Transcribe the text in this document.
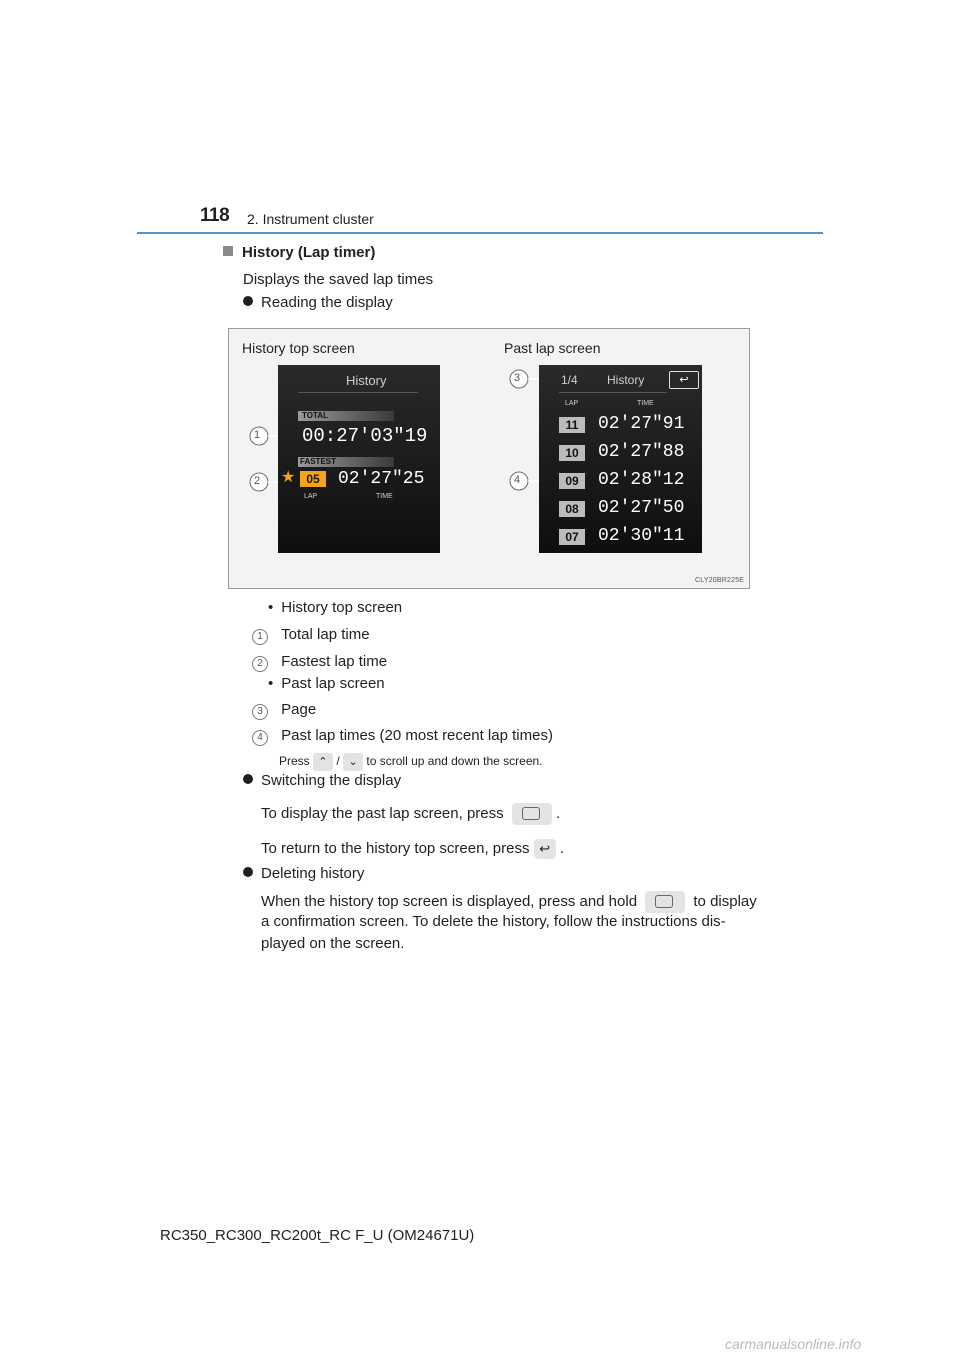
118 2. Instrument cluster
History (Lap timer)
Displays the saved lap times
Reading the display
History top screen	Past lap screen
CLY20BR225E
1
2
3
4
History
TOTAL
00:27′03″19
FASTEST
★ 05	02′27″25
LAP	TIME
1/4 History	↩
LAP	TIME
11	02′27″91
10	02′27″88
09	02′28″12
08	02′27″50
07	02′30″11
• History top screen
1 Total lap time
2 Fastest lap time
• Past lap screen
3 Page
4 Past lap times (20 most recent lap times)
Press ⌃ / ⌄ to scroll up and down the screen.
Switching the display
To display the past lap screen, press	.
To return to the history top screen, press ↩ .
Deleting history
When the history top screen is displayed, press and hold	to display
a confirmation screen. To delete the history, follow the instructions dis-
played on the screen.
RC350_RC300_RC200t_RC F_U (OM24671U)
carmanualsonline.info
